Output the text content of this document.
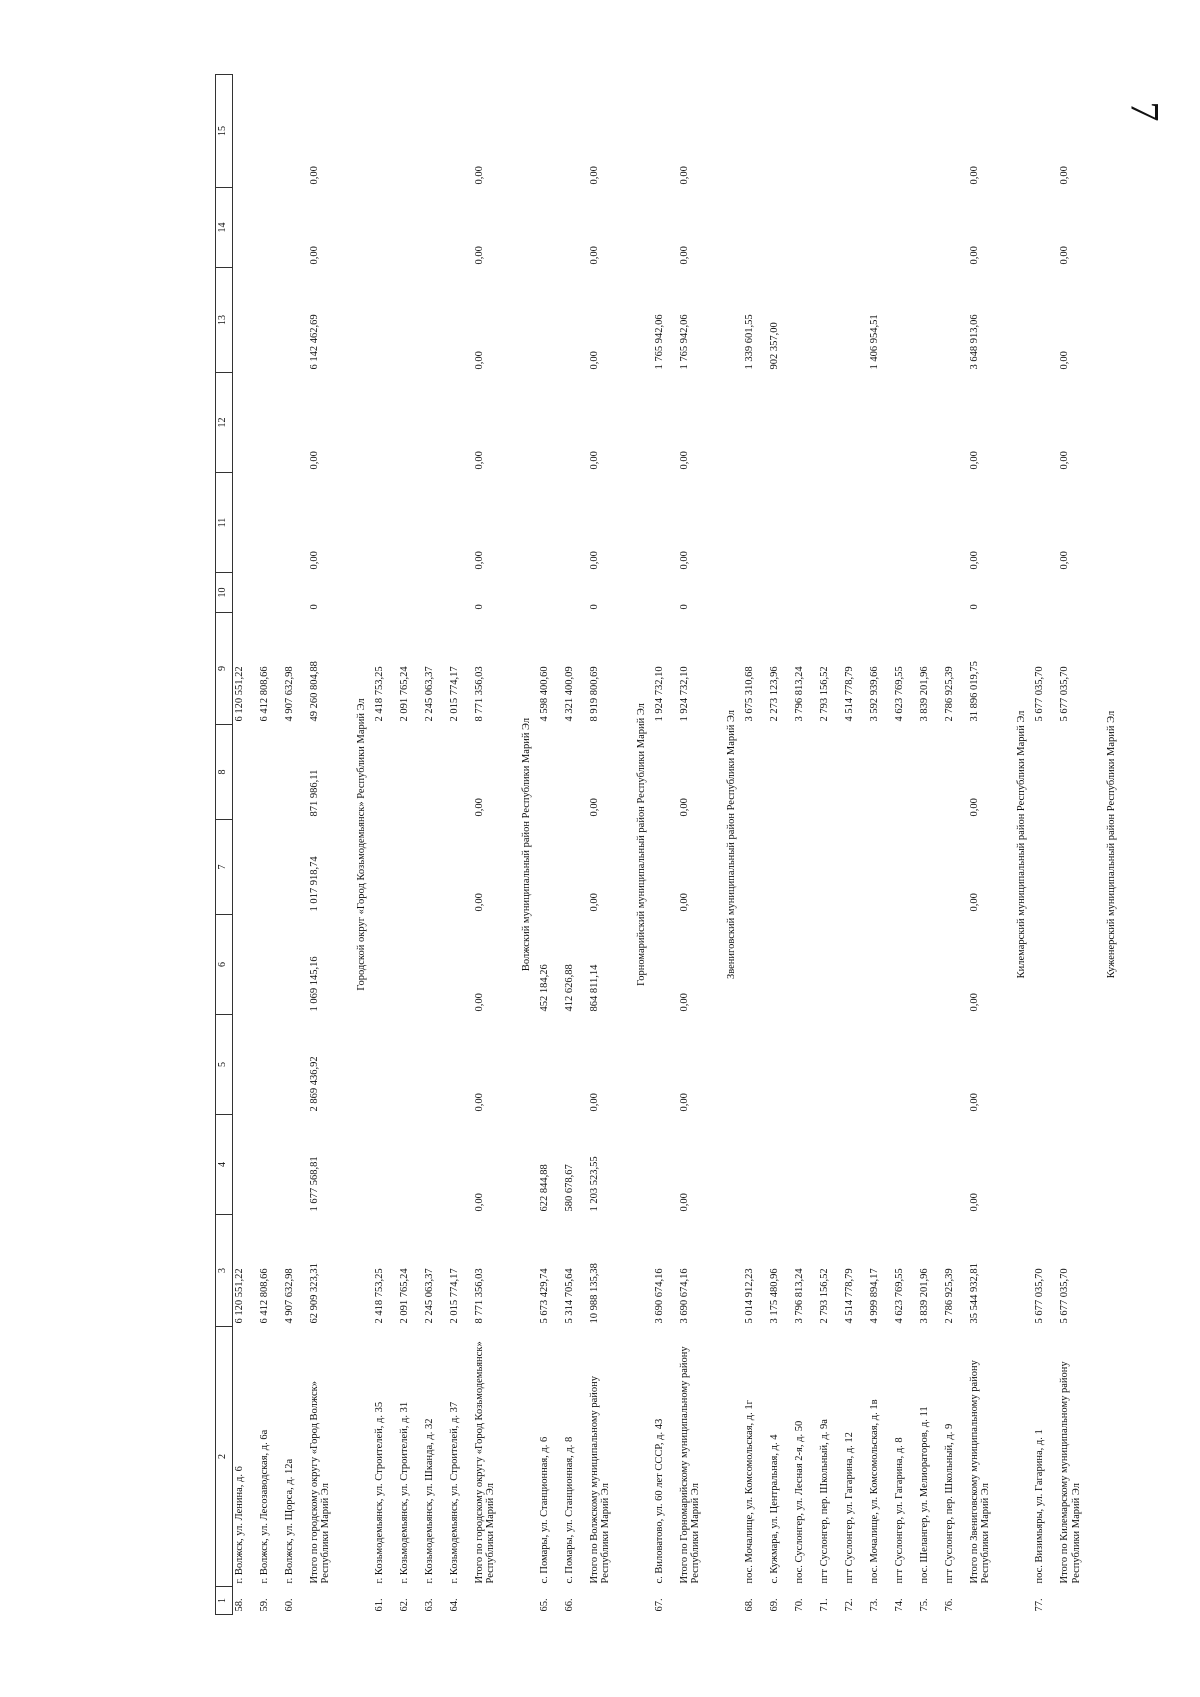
7
1	2	3	4	5	6	7	8	9	10	11	12	13	14	15
58.	г. Волжск, ул. Ленина, д. 6	6 120 551,22						6 120 551,22						
59.	г. Волжск, ул. Лесозаводская, д. 6а	6 412 808,66						6 412 808,66						
60.	г. Волжск, ул. Щорса, д. 12а	4 907 632,98						4 907 632,98						
	Итого по городскому округу «Город Волжск» Республики Марий Эл	62 909 323,31	1 677 568,81	2 869 436,92	1 069 145,16	1 017 918,74	871 986,11	49 260 804,88	0	0,00	0,00	6 142 462,69	0,00	0,00
Городской округ «Город Козьмодемьянск» Республики Марий Эл														
61.	г. Козьмодемьянск, ул. Строителей, д. 35	2 418 753,25						2 418 753,25						
62.	г. Козьмодемьянск, ул. Строителей, д. 31	2 091 765,24						2 091 765,24						
63.	г. Козьмодемьянск, ул. Шканда, д. 32	2 245 063,37						2 245 063,37						
64.	г. Козьмодемьянск, ул. Строителей, д. 37	2 015 774,17						2 015 774,17						
	Итого по городскому округу «Город Козьмодемьянск» Республики Марий Эл	8 771 356,03	0,00	0,00	0,00	0,00	0,00	8 771 356,03	0	0,00	0,00	0,00	0,00	0,00
Волжский муниципальный район Республики Марий Эл														
65.	с. Помары, ул. Станционная, д. 6	5 673 429,74	622 844,88		452 184,26			4 598 400,60						
66.	с. Помары, ул. Станционная, д. 8	5 314 705,64	580 678,67		412 626,88			4 321 400,09						
	Итого по Волжскому муниципальному району Республики Марий Эл	10 988 135,38	1 203 523,55	0,00	864 811,14	0,00	0,00	8 919 800,69	0	0,00	0,00	0,00	0,00	0,00
Горномарийский муниципальный район Республики Марий Эл														
67.	с. Виловатово, ул. 60 лет СССР, д. 43	3 690 674,16						1 924 732,10				1 765 942,06		
	Итого по Горномарийскому муниципальному району Республики Марий Эл	3 690 674,16	0,00	0,00	0,00	0,00	0,00	1 924 732,10	0	0,00	0,00	1 765 942,06	0,00	0,00
Звениговский муниципальный район Республики Марий Эл														
68.	пос. Мочалище, ул. Комсомольская, д. 1г	5 014 912,23						3 675 310,68				1 339 601,55		
69.	с. Кужмара, ул. Центральная, д. 4	3 175 480,96						2 273 123,96				902 357,00		
70.	пос. Суслонгер, ул. Лесная 2-я, д. 50	3 796 813,24						3 796 813,24						
71.	пгт Суслонгер, пер. Школьный, д. 9а	2 793 156,52						2 793 156,52						
72.	пгт Суслонгер, ул. Гагарина, д. 12	4 514 778,79						4 514 778,79						
73.	пос. Мочалище, ул. Комсомольская, д. 1в	4 999 894,17						3 592 939,66				1 406 954,51		
74.	пгт Суслонгер, ул. Гагарина, д. 8	4 623 769,55						4 623 769,55						
75.	пос. Шелангер, ул. Мелиораторов, д. 11	3 839 201,96						3 839 201,96						
76.	пгт Суслонгер, пер. Школьный, д. 9	2 786 925,39						2 786 925,39						
	Итого по Звениговскому муниципальному району Республики Марий Эл	35 544 932,81	0,00	0,00	0,00	0,00	0,00	31 896 019,75	0	0,00	0,00	3 648 913,06	0,00	0,00
Килемарский муниципальный район Республики Марий Эл														
77.	пос. Визимьяры, ул. Гагарина, д. 1	5 677 035,70						5 677 035,70						
	Итого по Килемарскому муниципальному району Республики Марий Эл	5 677 035,70						5 677 035,70		0,00	0,00	0,00	0,00	0,00
Куженерский муниципальный район Республики Марий Эл														
